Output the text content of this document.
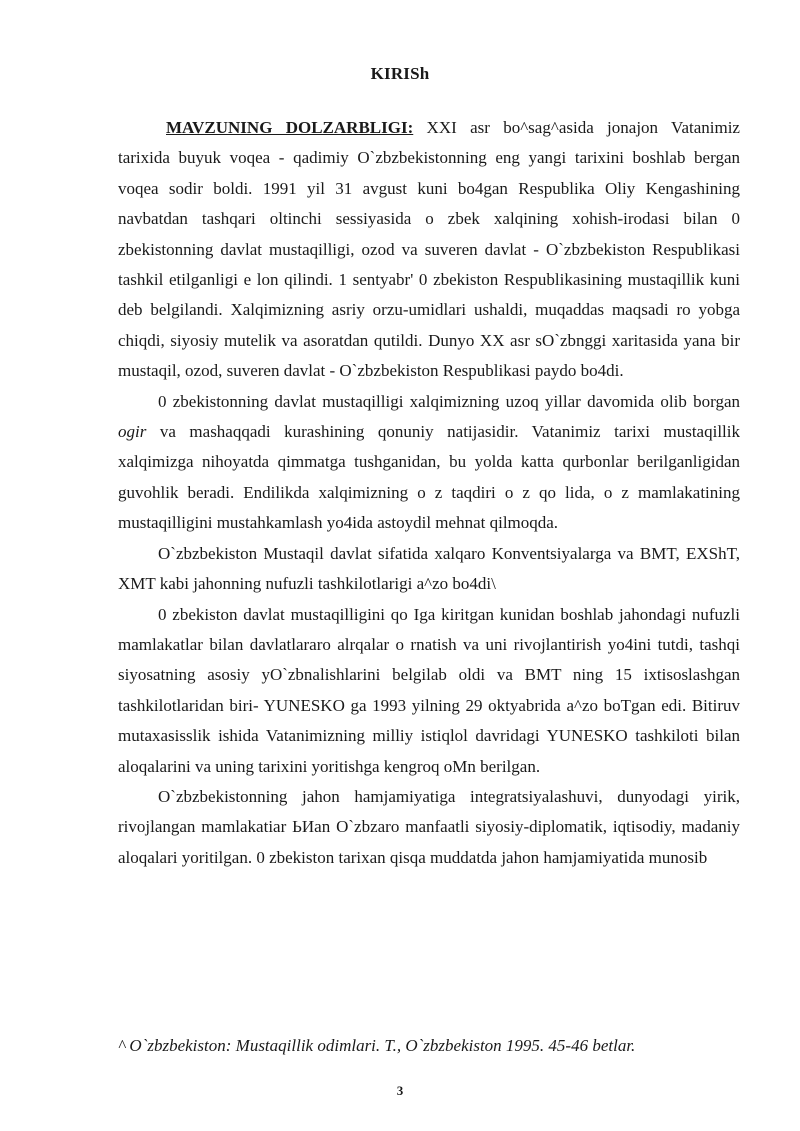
KIRISh

MAVZUNING DOLZARBLIGI: XXI asr bo^sag^asida jonajon Vatanimiz tarixida buyuk voqea - qadimiy O`zbzbekistonning eng yangi tarixini boshlab bergan voqea sodir boldi. 1991 yil 31 avgust kuni bo4gan Respublika Oliy Kengashining navbatdan tashqari oltinchi sessiyasida o zbek xalqining xohish-irodasi bilan 0 zbekistonning davlat mustaqilligi, ozod va suveren davlat - O`zbzbekiston Respublikasi tashkil etilganligi e lon qilindi. 1 sentyabr' 0 zbekiston Respublikasining mustaqillik kuni deb belgilandi. Xalqimizning asriy orzu-umidlari ushaldi, muqaddas maqsadi ro yobga chiqdi, siyosiy mutelik va asoratdan qutildi. Dunyo XX asr sO`zbnggi xaritasida yana bir mustaqil, ozod, suveren davlat - O`zbzbekiston Respublikasi paydo bo4di.

0 zbekistonning davlat mustaqilligi xalqimizning uzoq yillar davomida olib borgan ogir va mashaqqadi kurashining qonuniy natijasidir. Vatanimiz tarixi mustaqillik xalqimizga nihoyatda qimmatga tushganidan, bu yolda katta qurbonlar berilganligidan guvohlik beradi. Endilikda xalqimizning o z taqdiri o z qo lida, o z mamlakatining mustaqilligini mustahkamlash yo4ida astoydil mehnat qilmoqda.

O`zbzbekiston Mustaqil davlat sifatida xalqaro Konventsiyalarga va BMT, EXShT, XMT kabi jahonning nufuzli tashkilotlarigi a^zo bo4di\

0 zbekiston davlat mustaqilligini qo Iga kiritgan kunidan boshlab jahondagi nufuzli mamlakatlar bilan davlatlararo alrqalar o rnatish va uni rivojlantirish yo4ini tutdi, tashqi siyosatning asosiy yO`zbnalishlarini belgilab oldi va BMT ning 15 ixtisoslashgan tashkilotlaridan biri- YUNESKO ga 1993 yilning 29 oktyabrida a^zo boTgan edi. Bitiruv mutaxasisslik ishida Vatanimizning milliy istiqlol davridagi YUNESKO tashkiloti bilan aloqalarini va uning tarixini yoritishga kengroq oMn berilgan.

O`zbzbekistonning jahon hamjamiyatiga integratsiyalashuvi, dunyodagi yirik, rivojlangan mamlakatiar ЬИan O`zbzaro manfaatli siyosiy-diplomatik, iqtisodiy, madaniy aloqalari yoritilgan. 0 zbekiston tarixan qisqa muddatda jahon hamjamiyatida munosib

^ O`zbzbekiston: Mustaqillik odimlari. T., O`zbzbekiston 1995. 45-46 betlar.
3
